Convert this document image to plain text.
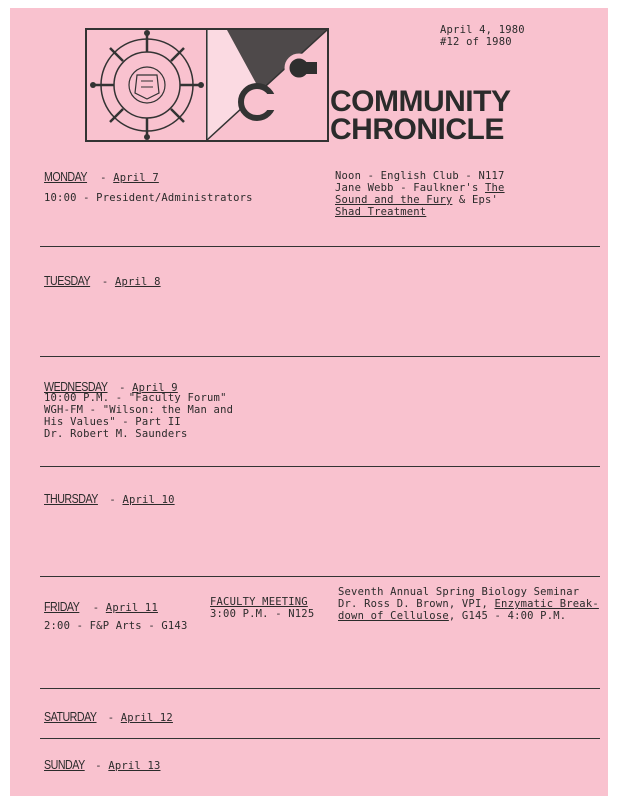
April 4, 1980
#12 of 1980
COMMUNITY
CHRONICLE
MONDAY - April 7
10:00 - President/Administrators
Noon - English Club - N117
Jane Webb - Faulkner's The
Sound and the Fury & Eps'
Shad Treatment
TUESDAY - April 8
WEDNESDAY - April 9
10:00 P.M. - "Faculty Forum"
WGH-FM - "Wilson: the Man and
His Values" - Part II
Dr. Robert M. Saunders
THURSDAY - April 10
FRIDAY - April 11
2:00 - F&P Arts - G143
FACULTY MEETING
3:00 P.M. - N125
Seventh Annual Spring Biology Seminar
Dr. Ross D. Brown, VPI, Enzymatic Break-
down of Cellulose, G145 - 4:00 P.M.
SATURDAY - April 12
SUNDAY - April 13
